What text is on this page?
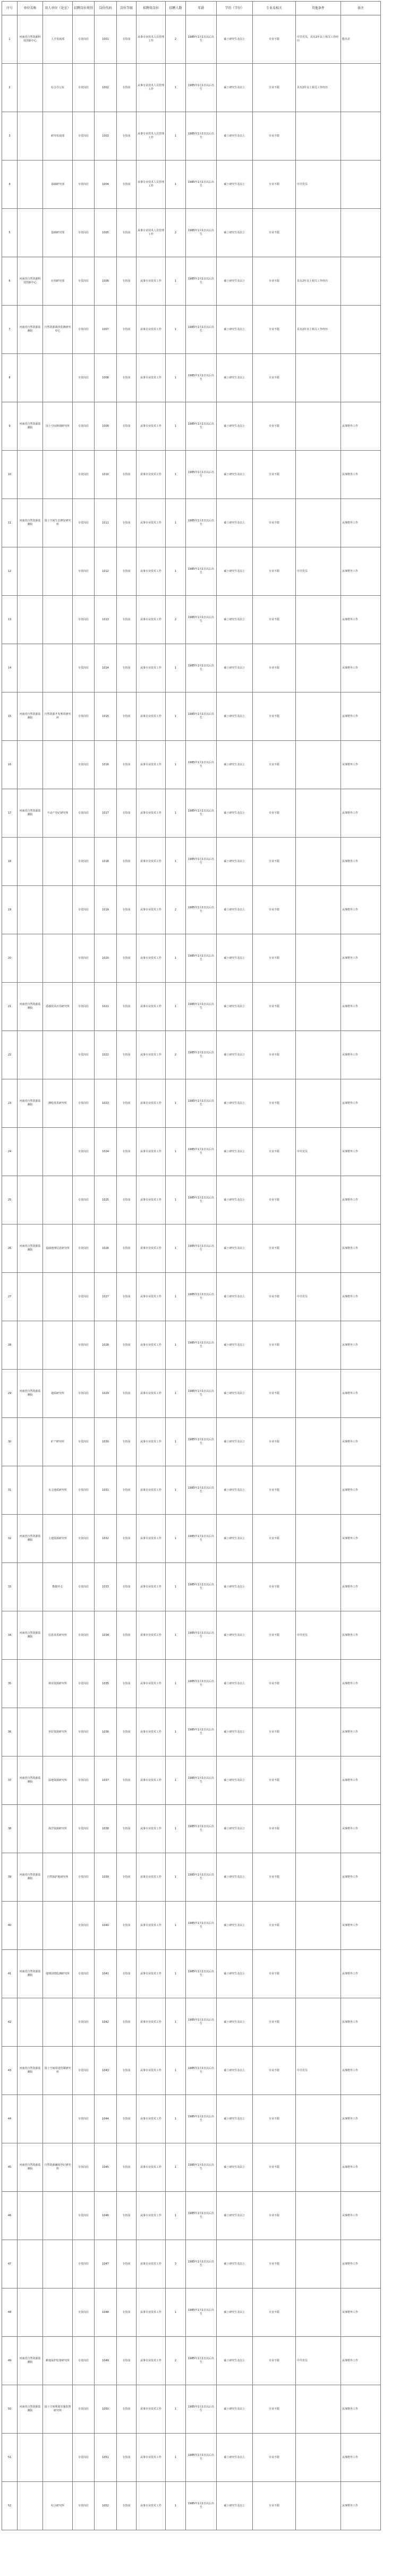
序号	单位名称	用人单位（处室）	招聘岗位类别	岗位代码	岗位等级	拟聘用岗位	招聘人数	年龄	学历（学位）	专业及相关	其他条件	备注
1	河南省自然资源科技创新中心	人才发展部	专技岗位	1001	专技岗	从事专业技术人员管理工作	2	1985年1月1日以后出生	硕士研究生及以上	专业不限	中共党员，具有2年以上相关工作经历	能出差
2		综合办公室	专技岗位	1002	专技岗	从事专业技术人员管理工作	1	1985年1月1日以后出生	硕士研究生及以上	专业不限	具有2年以上相关工作经历	
3		研究发展部	专技岗位	1003	专技岗	从事专业技术人员管理工作	1	1985年1月1日以后出生	硕士研究生及以上	专业不限		
4		基础研究部	专技岗位	1004	专技岗	从事专业技术人员管理工作	1	1985年1月1日以后出生	硕士研究生及以上	专业不限	中共党员	
5		基础研究部	专技岗位	1005	专技岗	从事专业技术人员管理工作	2	1985年1月1日以后出生	硕士研究生及以上	专业不限		
6	河南省自然资源科技创新中心	应用研究部	专技岗位	1006	专技岗	从事专业技术工作	1	1985年1月1日以后出生	硕士研究生及以上	专业不限	具有2年以上相关工作经历	
7	河南省自然资源监测院	自然资源调查监测研究中心	专技岗位	1007	专技岗	从事专业技术工作	1	1985年1月1日以后出生	硕士研究生及以上	专业不限	具有2年以上相关工作经历	
8			专技岗位	1008	专技岗	从事专业技术工作	1	1985年1月1日以后出生	硕士研究生及以上	专业不限		
9	河南省自然资源监测院	国土空间规划研究所	专技岗位	1009	专技岗	从事专业技术工作	1	1985年1月1日以后出生	硕士研究生及以上	专业不限		从事野外工作
10			专技岗位	1010	专技岗	从事专业技术工作	1	1985年1月1日以后出生	硕士研究生及以上	专业不限		从事野外工作
11	河南省自然资源监测院	国土空间生态修复研究所	专技岗位	1011	专技岗	从事专业技术工作	1	1985年1月1日以后出生	硕士研究生及以上	专业不限		从事野外工作
12			专技岗位	1012	专技岗	从事专业技术工作	1	1985年1月1日以后出生	硕士研究生及以上	专业不限	中共党员	从事野外工作
13			专技岗位	1013	专技岗	从事专业技术工作	2	1985年1月1日以后出生	硕士研究生及以上	专业不限		从事野外工作
14			专技岗位	1014	专技岗	从事专业技术工作	1	1985年1月1日以后出生	硕士研究生及以上	专业不限		从事野外工作
15	河南省自然资源监测院	自然资源开发利用研究所	专技岗位	1015	专技岗	从事专业技术工作	1	1985年1月1日以后出生	硕士研究生及以上	专业不限		从事野外工作
16			专技岗位	1016	专技岗	从事专业技术工作	1	1985年1月1日以后出生	硕士研究生及以上	专业不限		从事野外工作
17	河南省自然资源监测院	不动产登记研究所	专技岗位	1017	专技岗	从事专业技术工作	1	1985年1月1日以后出生	硕士研究生及以上	专业不限		从事野外工作
18			专技岗位	1018	专技岗	从事专业技术工作	1	1985年1月1日以后出生	硕士研究生及以上	专业不限		从事野外工作
19			专技岗位	1019	专技岗	从事专业技术工作	2	1985年1月1日以后出生	硕士研究生及以上	专业不限		从事野外工作
20			专技岗位	1020	专技岗	从事专业技术工作	1	1985年1月1日以后出生	硕士研究生及以上	专业不限		从事野外工作
21	河南省自然资源监测院	遥感技术应用研究所	专技岗位	1021	专技岗	从事专业技术工作	1	1985年1月1日以后出生	硕士研究生及以上	专业不限		从事野外工作
22			专技岗位	1022	专技岗	从事专业技术工作	2	1985年1月1日以后出生	硕士研究生及以上	专业不限		从事野外工作
23	河南省自然资源监测院	测绘技术研究所	专技岗位	1023	专技岗	从事专业技术工作	1	1985年1月1日以后出生	硕士研究生及以上	专业不限		从事野外工作
24			专技岗位	1024	专技岗	从事专业技术工作	1	1985年1月1日以后出生	硕士研究生及以上	专业不限	中共党员	从事野外工作
25			专技岗位	1025	专技岗	从事专业技术工作	1	1985年1月1日以后出生	硕士研究生及以上	专业不限		从事野外工作
26	河南省自然资源监测院	基础地理信息研究所	专技岗位	1026	专技岗	从事专业技术工作	1	1985年1月1日以后出生	硕士研究生及以上	专业不限		从事野外工作
27			专技岗位	1027	专技岗	从事专业技术工作	1	1985年1月1日以后出生	硕士研究生及以上	专业不限	中共党员	从事野外工作
28			专技岗位	1028	专技岗	从事专业技术工作	1	1985年1月1日以后出生	硕士研究生及以上	专业不限		从事野外工作
29	河南省自然资源监测院	地质研究所	专技岗位	1029	专技岗	从事专业技术工作	1	1985年1月1日以后出生	硕士研究生及以上	专业不限		从事野外工作
30		矿产研究所	专技岗位	1030	专技岗	从事专业技术工作	1	1985年1月1日以后出生	硕士研究生及以上	专业不限		从事野外工作
31		水文地质研究所	专技岗位	1031	专技岗	从事专业技术工作	1	1985年1月1日以后出生	硕士研究生及以上	专业不限		从事野外工作
32	河南省自然资源监测院	土地资源研究所	专技岗位	1032	专技岗	从事专业技术工作	1	1985年1月1日以后出生	硕士研究生及以上	专业不限		从事野外工作
33		数据中心	专技岗位	1033	专技岗	从事专业技术工作	1	1985年1月1日以后出生	硕士研究生及以上	专业不限		从事野外工作
34	河南省自然资源监测院	信息技术研究所	专技岗位	1034	专技岗	从事专业技术工作	1	1985年1月1日以后出生	硕士研究生及以上	专业不限	中共党员	从事野外工作
35		林业资源研究所	专技岗位	1035	专技岗	从事专业技术工作	1	1985年1月1日以后出生	硕士研究生及以上	专业不限		从事野外工作
36		草原资源研究所	专技岗位	1036	专技岗	从事专业技术工作	1	1985年1月1日以后出生	硕士研究生及以上	专业不限		从事野外工作
37	河南省自然资源监测院	湿地资源研究所	专技岗位	1037	专技岗	从事专业技术工作	1	1985年1月1日以后出生	硕士研究生及以上	专业不限		从事野外工作
38		海洋资源研究所	专技岗位	1038	专技岗	从事专业技术工作	1	1985年1月1日以后出生	硕士研究生及以上	专业不限		从事野外工作
39	河南省自然资源监测院	自然保护地研究所	专技岗位	1039	专技岗	从事专业技术工作	1	1985年1月1日以后出生	硕士研究生及以上	专业不限		从事野外工作
40			专技岗位	1040	专技岗	从事专业技术工作	1	1985年1月1日以后出生	硕士研究生及以上	专业不限		从事野外工作
41	河南省自然资源监测院	地理国情监测研究所	专技岗位	1041	专技岗	从事专业技术工作	1	1985年1月1日以后出生	硕士研究生及以上	专业不限		从事野外工作
42			专技岗位	1042	专技岗	从事专业技术工作	1	1985年1月1日以后出生	硕士研究生及以上	专业不限		从事野外工作
43	河南省自然资源监测院	国土空间用途管制研究所	专技岗位	1043	专技岗	从事专业技术工作	1	1985年1月1日以后出生	硕士研究生及以上	专业不限	中共党员	从事野外工作
44			专技岗位	1044	专技岗	从事专业技术工作	1	1985年1月1日以后出生	硕士研究生及以上	专业不限		从事野外工作
45	河南省自然资源监测院	自然资源确权登记研究所	专技岗位	1045	专技岗	从事专业技术工作	1	1985年1月1日以后出生	硕士研究生及以上	专业不限		从事野外工作
46			专技岗位	1046	专技岗	从事专业技术工作	1	1985年1月1日以后出生	硕士研究生及以上	专业不限		从事野外工作
47			专技岗位	1047	专技岗	从事专业技术工作	3	1985年1月1日以后出生	硕士研究生及以上	专业不限		从事野外工作
48			专技岗位	1048	专技岗	从事专业技术工作	1	1985年1月1日以后出生	硕士研究生及以上	专业不限		从事野外工作
49	河南省自然资源监测院	耕地保护监督研究所	专技岗位	1049	专技岗	从事专业技术工作	2	1985年1月1日以后出生	硕士研究生及以上	专业不限	中共党员	从事野外工作
50	河南省自然资源监测院	国土空间规划实施监督研究所	专技岗位	1050	专技岗	从事专业技术工作	1	1985年1月1日以后出生	硕士研究生及以上	专业不限		从事野外工作
51			专技岗位	1051	专技岗	从事专业技术工作	1	1985年1月1日以后出生	硕士研究生及以上	专业不限		从事野外工作
52		综合研究所	专技岗位	1052	专技岗	从事专业技术工作	1	1985年1月1日以后出生	硕士研究生及以上	专业不限		从事野外工作
